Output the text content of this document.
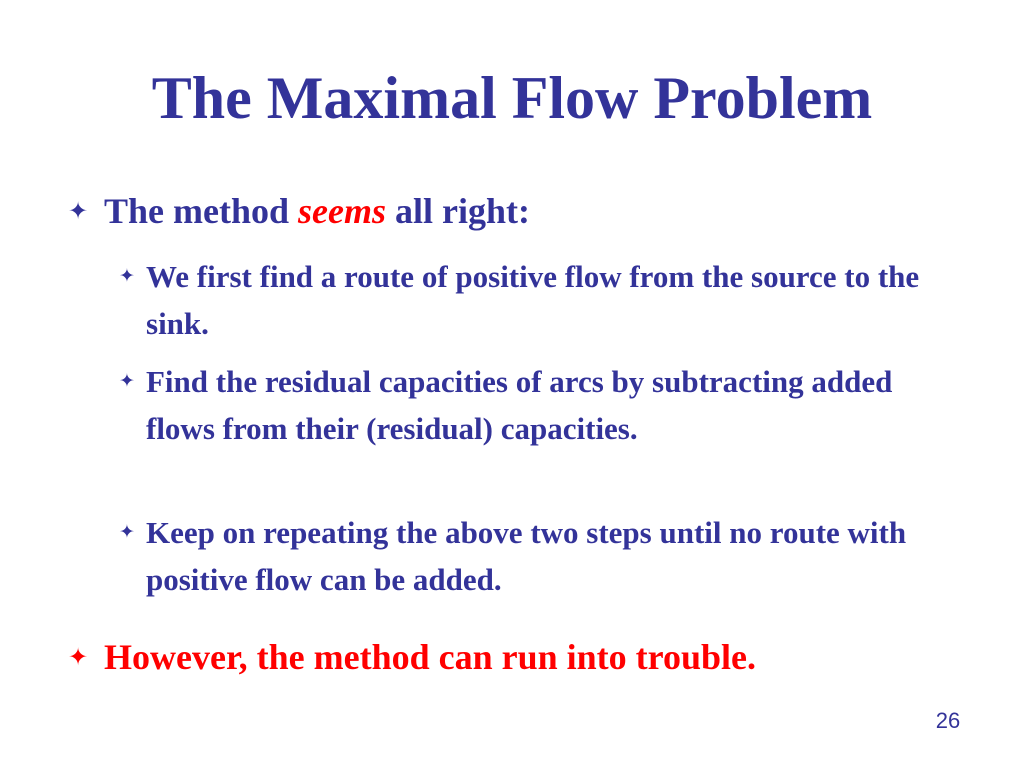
The Maximal Flow Problem
✦ The method seems all right:
✦ We first find a route of positive flow from the source to the sink.
✦ Find the residual capacities of arcs by subtracting added flows from their (residual) capacities.
✦ Keep on repeating the above two steps until no route with positive flow can be added.
✦ However, the method can run into trouble.
26
